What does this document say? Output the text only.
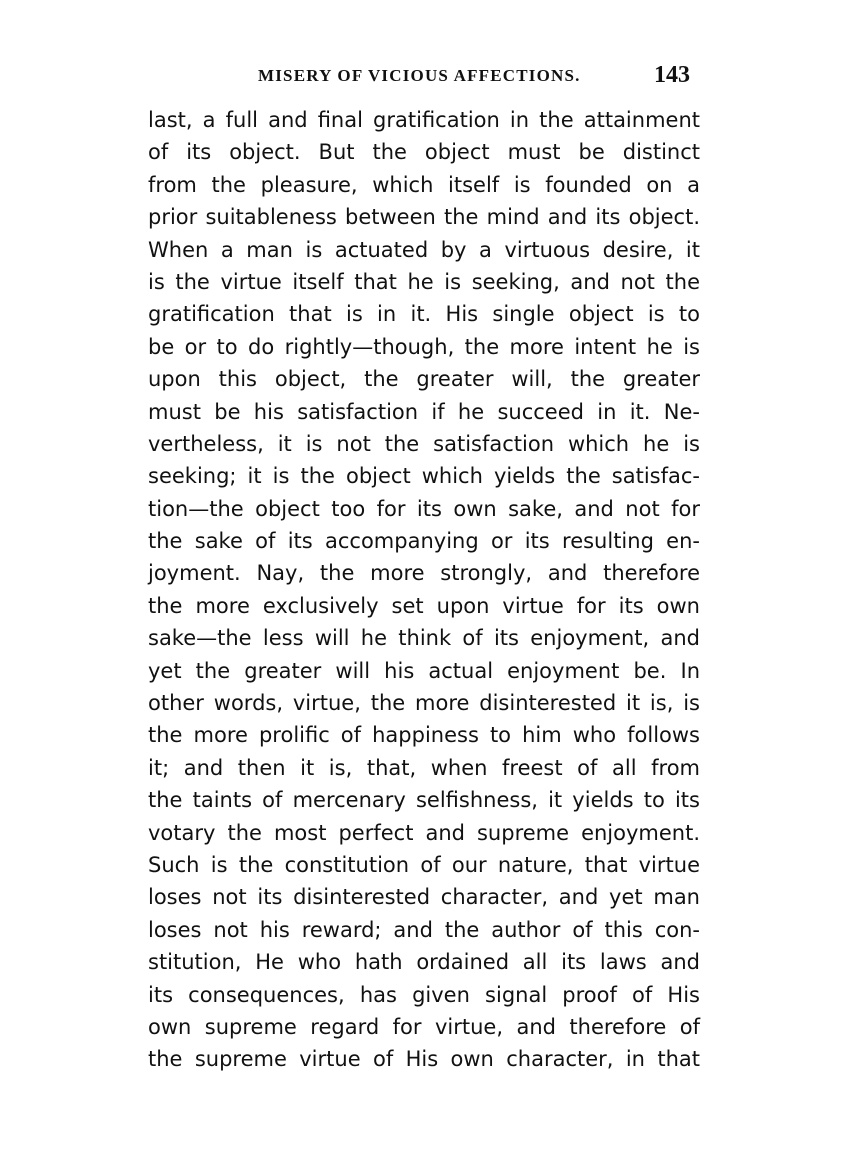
MISERY OF VICIOUS AFFECTIONS.	143
last, a full and final gratification in the attainment
of its object. But the object must be distinct
from the pleasure, which itself is founded on a
prior suitableness between the mind and its object.
When a man is actuated by a virtuous desire, it
is the virtue itself that he is seeking, and not the
gratification that is in it. His single object is to
be or to do rightly—though, the more intent he is
upon this object, the greater will, the greater
must be his satisfaction if he succeed in it. Ne-
vertheless, it is not the satisfaction which he is
seeking; it is the object which yields the satisfac-
tion—the object too for its own sake, and not for
the sake of its accompanying or its resulting en-
joyment. Nay, the more strongly, and therefore
the more exclusively set upon virtue for its own
sake—the less will he think of its enjoyment, and
yet the greater will his actual enjoyment be. In
other words, virtue, the more disinterested it is, is
the more prolific of happiness to him who follows
it; and then it is, that, when freest of all from
the taints of mercenary selfishness, it yields to its
votary the most perfect and supreme enjoyment.
Such is the constitution of our nature, that virtue
loses not its disinterested character, and yet man
loses not his reward; and the author of this con-
stitution, He who hath ordained all its laws and
its consequences, has given signal proof of His
own supreme regard for virtue, and therefore of
the supreme virtue of His own character, in that
